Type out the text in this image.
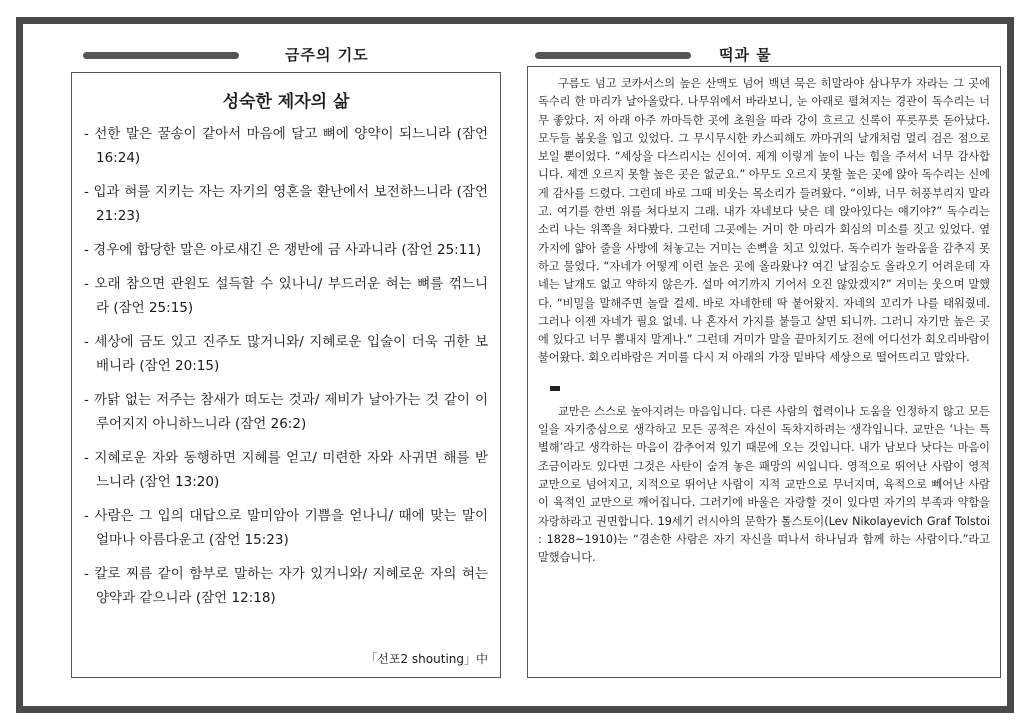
금주의 기도	떡과 물
성숙한 제자의 삶
- 선한 말은 꿀송이 같아서 마음에 달고 뼈에 양약이 되느니라 (잠언 16:24)
- 입과 혀를 지키는 자는 자기의 영혼을 환난에서 보전하느니라 (잠언 21:23)
- 경우에 합당한 말은 아로새긴 은 쟁반에 금 사과니라 (잠언 25:11)
- 오래 참으면 관원도 설득할 수 있나니/ 부드러운 혀는 뼈를 꺾느니라 (잠언 25:15)
- 세상에 금도 있고 진주도 많거니와/ 지혜로운 입술이 더욱 귀한 보배니라 (잠언 20:15)
- 까닭 없는 저주는 참새가 떠도는 것과/ 제비가 날아가는 것 같이 이루어지지 아니하느니라 (잠언 26:2)
- 지혜로운 자와 동행하면 지혜를 얻고/ 미련한 자와 사귀면 해를 받느니라 (잠언 13:20)
- 사람은 그 입의 대답으로 말미암아 기쁨을 얻나니/ 때에 맞는 말이 얼마나 아름다운고 (잠언 15:23)
- 칼로 찌름 같이 함부로 말하는 자가 있거니와/ 지혜로운 자의 혀는 양약과 같으니라 (잠언 12:18)
「선포2 shouting」中

구름도 넘고 코카서스의 높은 산맥도 넘어 백년 묵은 히말라야 삼나무가 자라는 그 곳에 독수리 한 마리가 날아올랐다. 나무위에서 바라보니, 눈 아래로 펼쳐지는 경관이 독수리는 너무 좋았다. 저 아래 아주 까마득한 곳에 초원을 따라 강이 흐르고 신록이 푸릇푸릇 돋아났다. 모두들 봄옷을 입고 있었다. 그 무시무시한 카스피해도 까마귀의 날개처럼 멀리 검은 점으로 보일 뿐이었다. “세상을 다스리시는 신이여. 제게 이렇게 높이 나는 힘을 주셔서 너무 감사합니다. 제겐 오르지 못할 높은 곳은 없군요.” 아무도 오르지 못할 높은 곳에 앉아 독수리는 신에게 감사를 드렸다. 그런데 바로 그때 비웃는 목소리가 들려왔다. “이봐, 너무 허풍부리지 말라고. 여기를 한번 위를 쳐다보지 그래. 내가 자네보다 낮은 데 앉아있다는 얘기야?” 독수리는 소리 나는 위쪽을 쳐다봤다. 그런데 그곳에는 거미 한 마리가 회심의 미소를 짓고 있었다. 옆가지에 얇아 줄을 사방에 쳐놓고는 거미는 손뼉을 치고 있었다. 독수리가 놀라움을 감추지 못하고 물었다. “자네가 어떻게 이런 높은 곳에 올라왔나? 여긴 날짐승도 올라오기 어려운데 자네는 날개도 없고 약하지 않은가. 설마 여기까지 기어서 오진 않았겠지?” 거미는 웃으며 말했다. “비밀을 말해주면 놀랄 걸세. 바로 자네한테 딱 붙어왔지. 자네의 꼬리가 나를 태워줬네. 그러나 이젠 자네가 필요 없네. 나 혼자서 가지를 붙들고 살면 되니까. 그러니 자기만 높은 곳에 있다고 너무 뽐내지 말게나.” 그런데 거미가 말을 끝마치기도 전에 어디선가 회오리바람이 불어왔다. 회오리바람은 거미를 다시 저 아래의 가장 밑바닥 세상으로 떨어뜨리고 말았다.

교만은 스스로 높아지려는 마음입니다. 다른 사람의 협력이나 도움을 인정하지 않고 모든 일을 자기중심으로 생각하고 모든 공적은 자신이 독차지하려는 생각입니다. 교만은 ‘나는 특별해’라고 생각하는 마음이 감추어져 있기 때문에 오는 것입니다. 내가 남보다 낫다는 마음이 조금이라도 있다면 그것은 사탄이 숨겨 놓은 패망의 씨입니다. 영적으로 뛰어난 사람이 영적 교만으로 넘어지고, 지적으로 뛰어난 사람이 지적 교만으로 무너지며, 육적으로 뻬어난 사람이 육적인 교만으로 깨어집니다. 그러기에 바울은 자랑할 것이 있다면 자기의 부족과 약함을 자랑하라고 권면합니다. 19세기 러시아의 문학가 톨스토이(Lev Nikolayevich Graf Tolstoi : 1828~1910)는 “겸손한 사람은 자기 자신을 떠나서 하나님과 함께 하는 사람이다.”라고 말했습니다.
